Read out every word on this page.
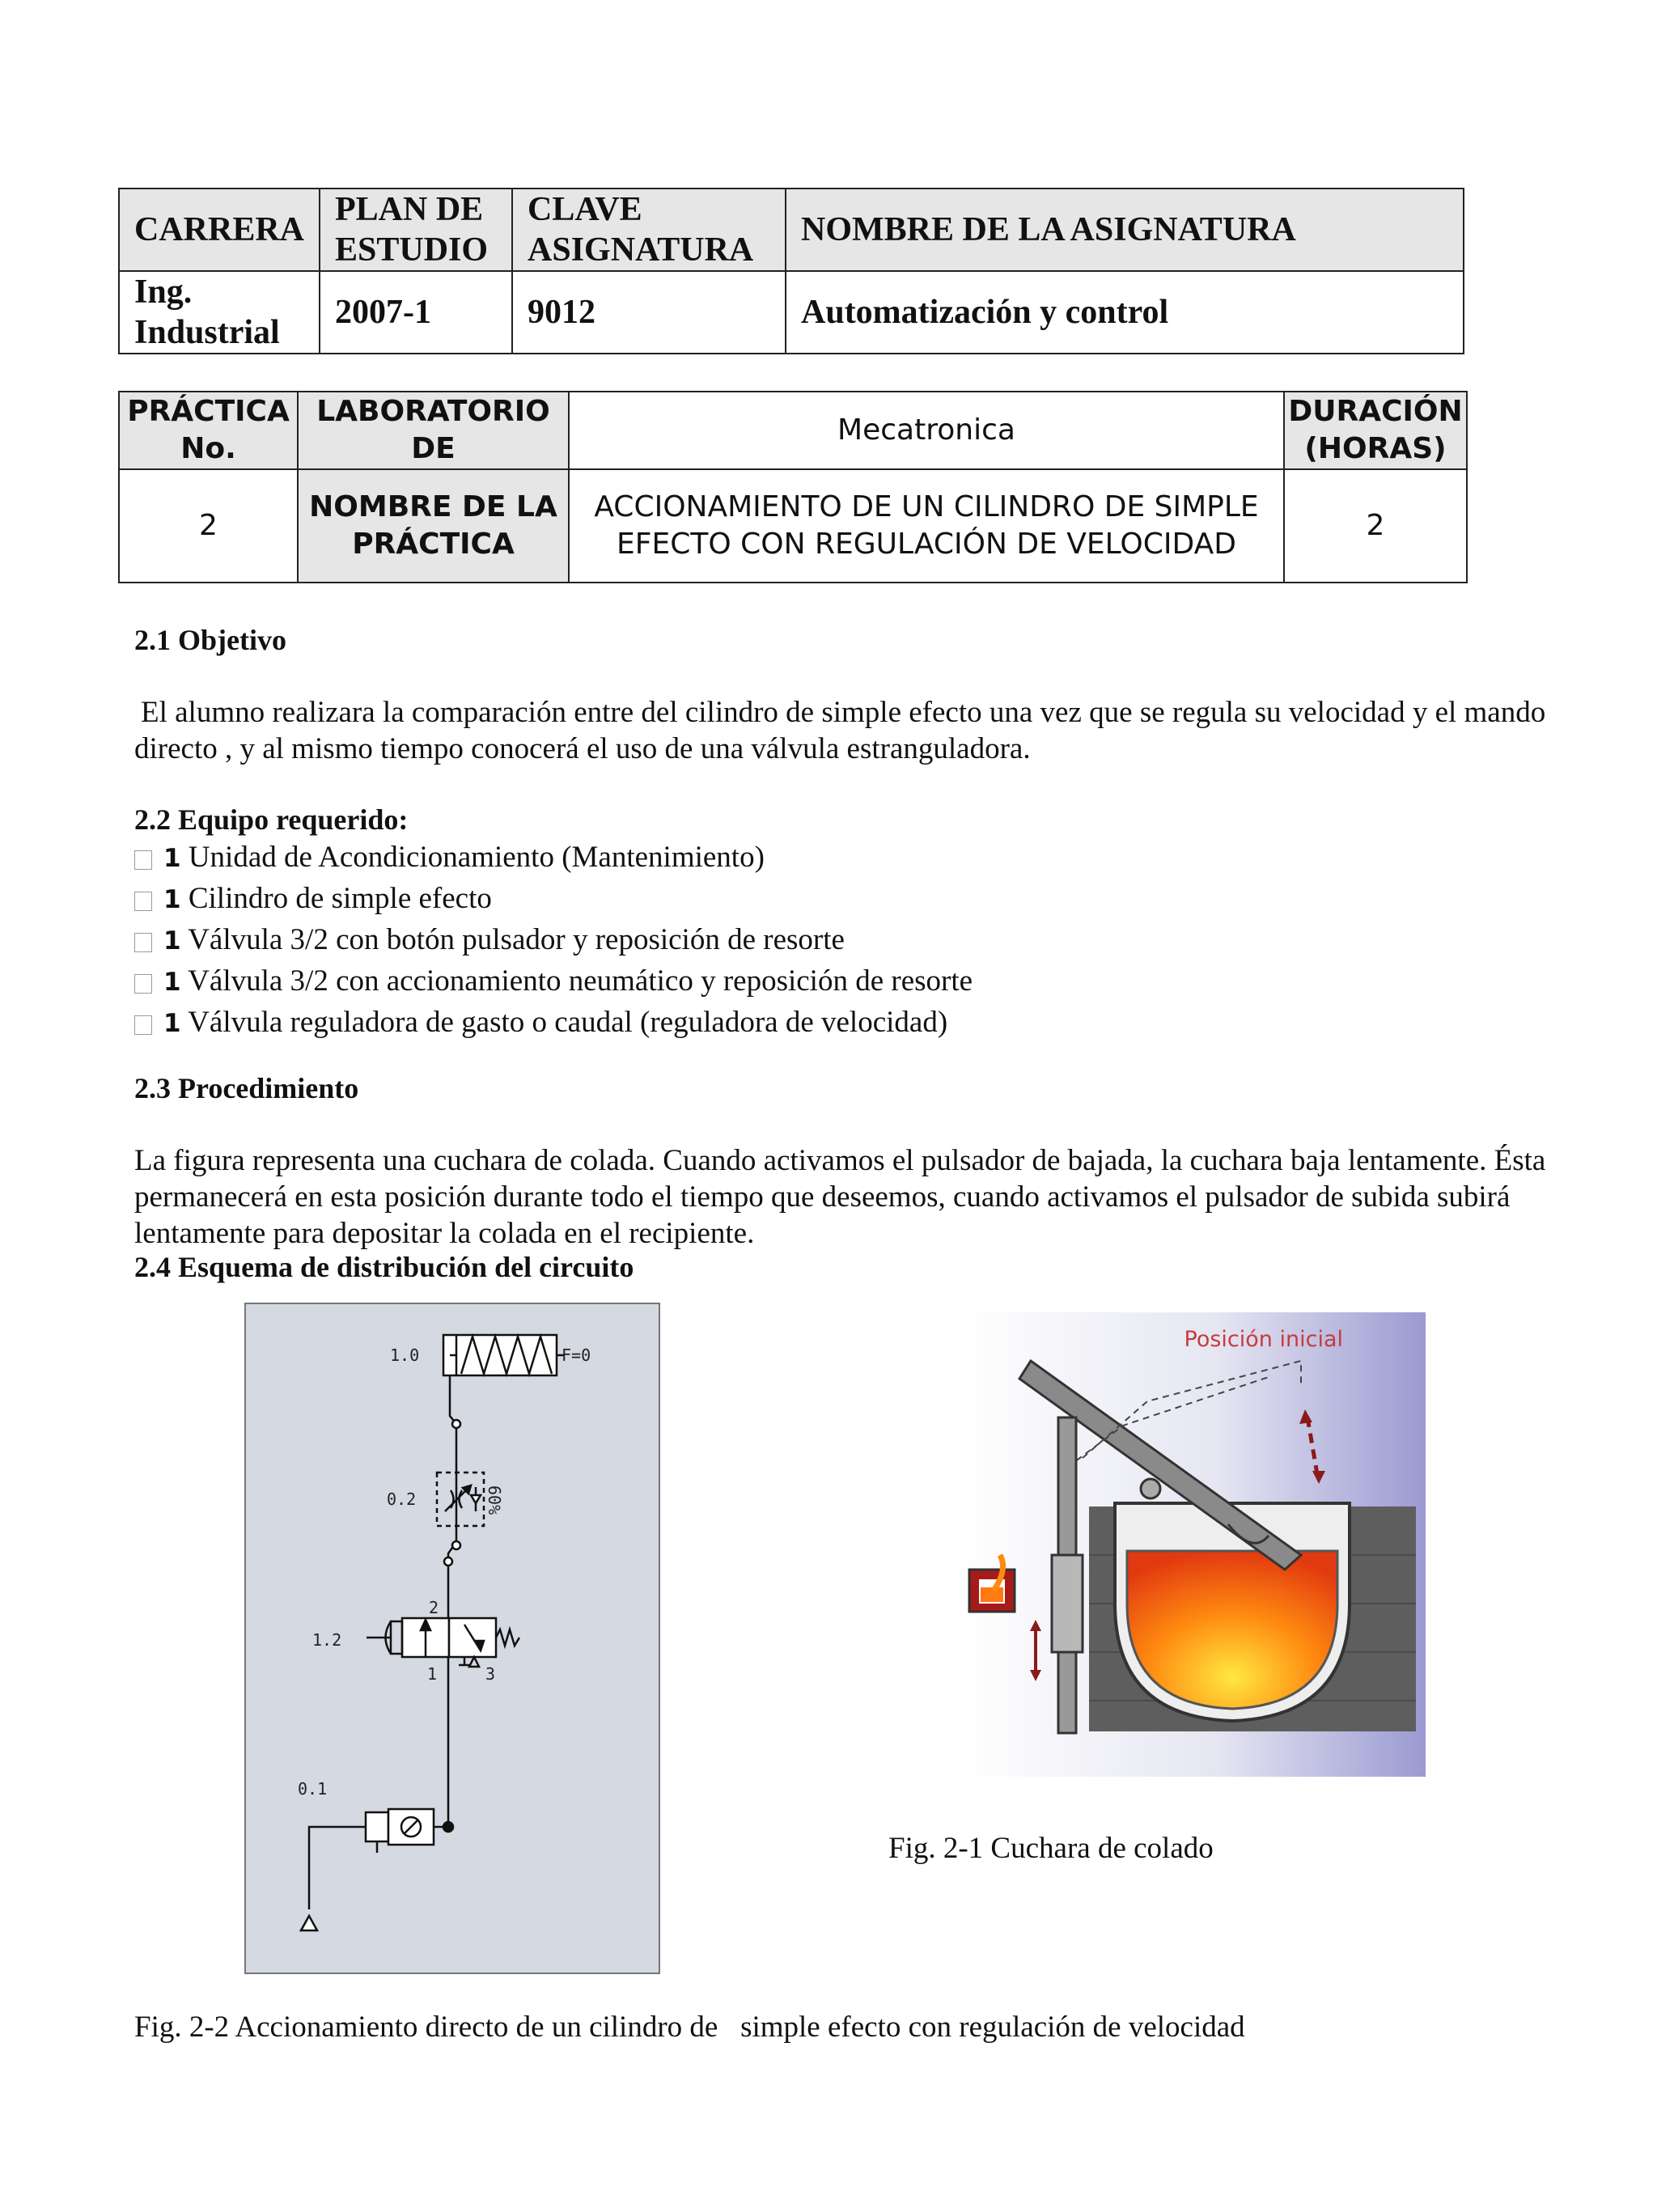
CARRERA	PLAN DE ESTUDIO	CLAVE ASIGNATURA	NOMBRE DE LA ASIGNATURA
Ing. Industrial	2007-1	9012	Automatización y control
PRÁCTICA No.	LABORATORIO DE	Mecatronica	DURACIÓN (HORAS)
2	NOMBRE DE LA PRÁCTICA	ACCIONAMIENTO DE UN CILINDRO DE SIMPLE EFECTO CON REGULACIÓN DE VELOCIDAD	2
2.1 Objetivo
El alumno realizara la comparación entre del cilindro de simple efecto una vez que se regula su velocidad y el mando directo , y al mismo tiempo conocerá el uso de una válvula estranguladora.
2.2 Equipo requerido:
1 Unidad de Acondicionamiento (Mantenimiento)
1 Cilindro de simple efecto
1 Válvula 3/2 con botón pulsador y reposición de resorte
1 Válvula 3/2 con accionamiento neumático y reposición de resorte
1 Válvula reguladora de gasto o caudal (reguladora de velocidad)
2.3 Procedimiento
La figura representa una cuchara de colada. Cuando activamos el pulsador de bajada, la cuchara baja lentamente. Ésta permanecerá en esta posición durante todo el tiempo que deseemos, cuando activamos el pulsador de subida subirá lentamente para depositar la colada en el recipiente.
2.4 Esquema de distribución del circuito
1.0	F=0
0.2	60%
1.2
2
1	3
0.1
Posición inicial
Fig. 2-1 Cuchara de colado
Fig. 2-2 Accionamiento directo de un cilindro de   simple efecto con regulación de velocidad
